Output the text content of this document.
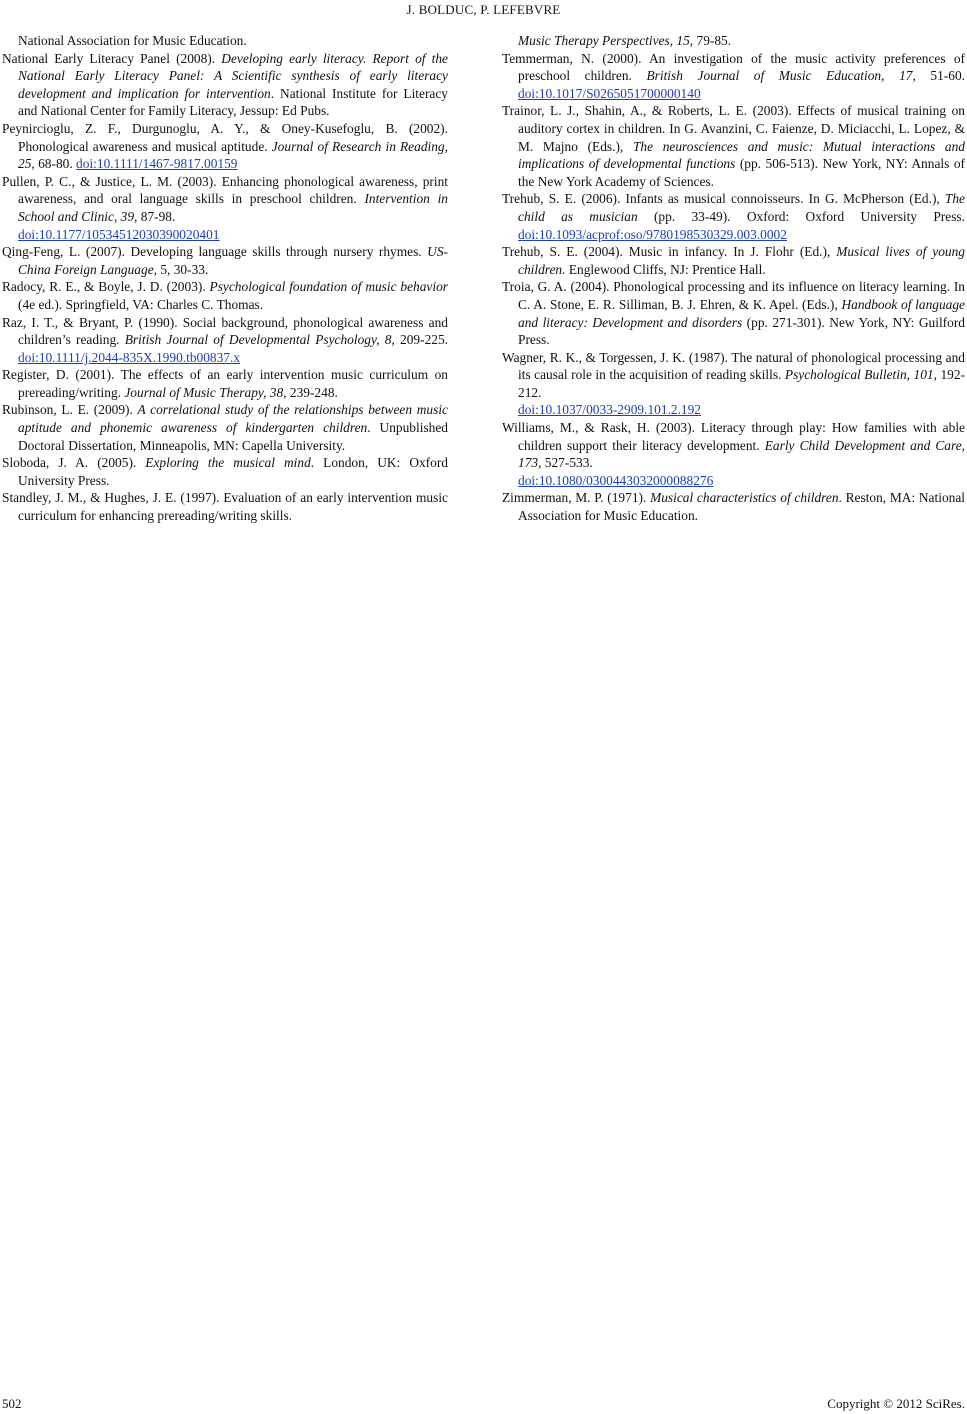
J. BOLDUC, P. LEFEBVRE

National Association for Music Education.

National Early Literacy Panel (2008). Developing early literacy. Report of the National Early Literacy Panel: A Scientific synthesis of early literacy development and implication for intervention. National Institute for Literacy and National Center for Family Literacy, Jessup: Ed Pubs.

Peynircioglu, Z. F., Durgunoglu, A. Y., & Oney-Kusefoglu, B. (2002). Phonological awareness and musical aptitude. Journal of Research in Reading, 25, 68-80. doi:10.1111/1467-9817.00159

Pullen, P. C., & Justice, L. M. (2003). Enhancing phonological awareness, print awareness, and oral language skills in preschool children. Intervention in School and Clinic, 39, 87-98.
doi:10.1177/10534512030390020401

Qing-Feng, L. (2007). Developing language skills through nursery rhymes. US-China Foreign Language, 5, 30-33.

Radocy, R. E., & Boyle, J. D. (2003). Psychological foundation of music behavior (4e ed.). Springfield, VA: Charles C. Thomas.

Raz, I. T., & Bryant, P. (1990). Social background, phonological awareness and children’s reading. British Journal of Developmental Psychology, 8, 209-225. doi:10.1111/j.2044-835X.1990.tb00837.x

Register, D. (2001). The effects of an early intervention music curriculum on prereading/writing. Journal of Music Therapy, 38, 239-248.

Rubinson, L. E. (2009). A correlational study of the relationships between music aptitude and phonemic awareness of kindergarten children. Unpublished Doctoral Dissertation, Minneapolis, MN: Capella University.

Sloboda, J. A. (2005). Exploring the musical mind. London, UK: Oxford University Press.

Standley, J. M., & Hughes, J. E. (1997). Evaluation of an early intervention music curriculum for enhancing prereading/writing skills.

Music Therapy Perspectives, 15, 79-85.

Temmerman, N. (2000). An investigation of the music activity preferences of preschool children. British Journal of Music Education, 17, 51-60. doi:10.1017/S0265051700000140

Trainor, L. J., Shahin, A., & Roberts, L. E. (2003). Effects of musical training on auditory cortex in children. In G. Avanzini, C. Faienze, D. Miciacchi, L. Lopez, & M. Majno (Eds.), The neurosciences and music: Mutual interactions and implications of developmental functions (pp. 506-513). New York, NY: Annals of the New York Academy of Sciences.

Trehub, S. E. (2006). Infants as musical connoisseurs. In G. McPherson (Ed.), The child as musician (pp. 33-49). Oxford: Oxford University Press. doi:10.1093/acprof:oso/9780198530329.003.0002

Trehub, S. E. (2004). Music in infancy. In J. Flohr (Ed.), Musical lives of young children. Englewood Cliffs, NJ: Prentice Hall.

Troia, G. A. (2004). Phonological processing and its influence on literacy learning. In C. A. Stone, E. R. Silliman, B. J. Ehren, & K. Apel. (Eds.), Handbook of language and literacy: Development and disorders (pp. 271-301). New York, NY: Guilford Press.

Wagner, R. K., & Torgessen, J. K. (1987). The natural of phonological processing and its causal role in the acquisition of reading skills. Psychological Bulletin, 101, 192-212.
doi:10.1037/0033-2909.101.2.192

Williams, M., & Rask, H. (2003). Literacy through play: How families with able children support their literacy development. Early Child Development and Care, 173, 527-533.
doi:10.1080/0300443032000088276

Zimmerman, M. P. (1971). Musical characteristics of children. Reston, MA: National Association for Music Education.

502	Copyright © 2012 SciRes.
